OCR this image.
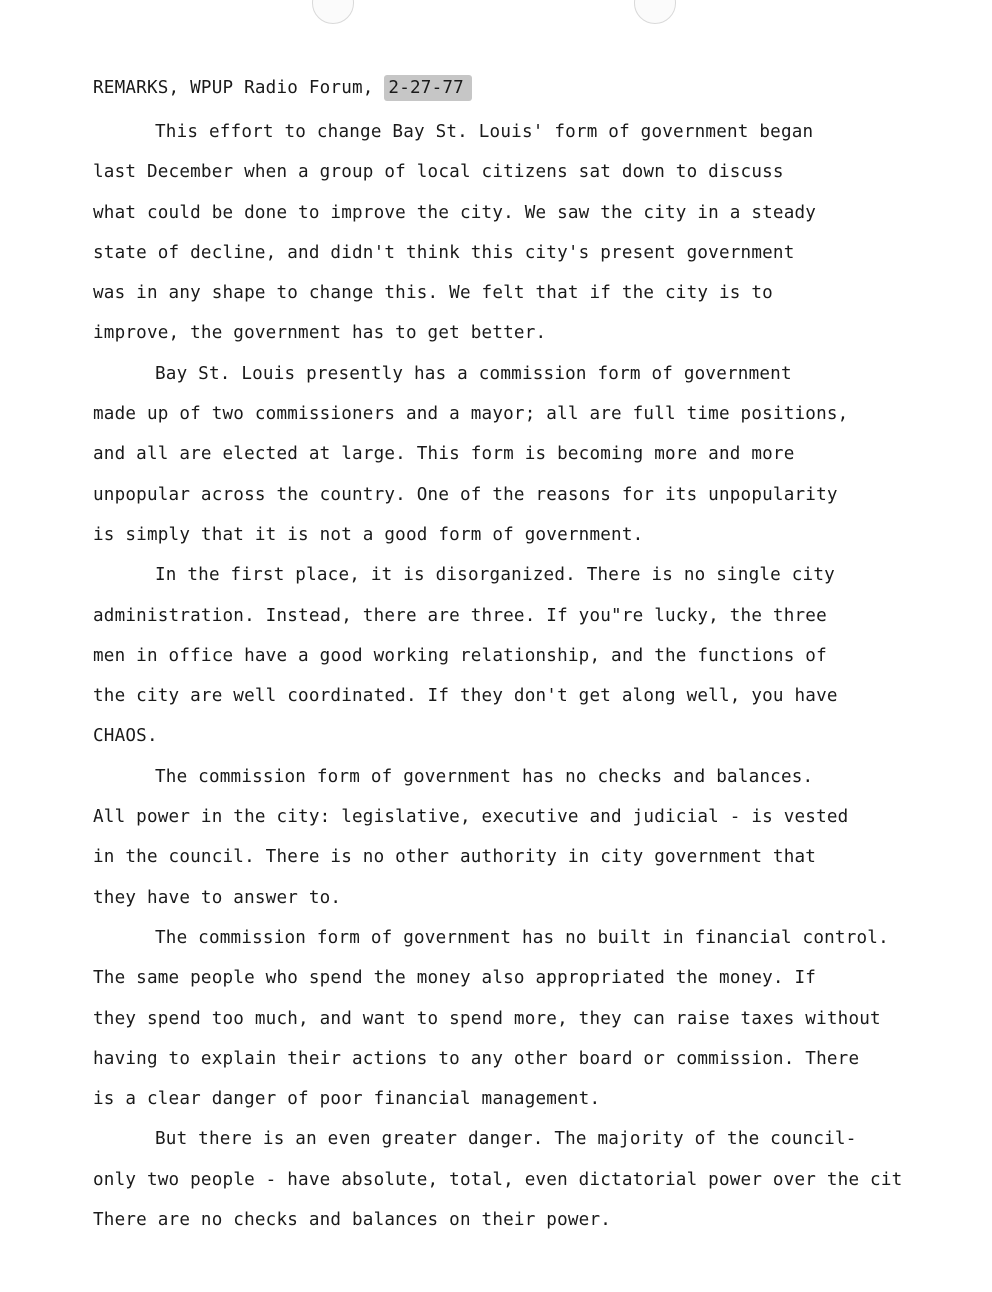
REMARKS, WPUP Radio Forum, 2-27-77
This effort to change Bay St. Louis' form of government began
last December when a group of local citizens sat down to discuss
what could be done to improve the city. We saw the city in a steady
state of decline, and didn't think this city's present government
was in any shape to change this. We felt that if the city is to
improve, the government has to get better.
Bay St. Louis presently has a commission form of government
made up of two commissioners and a mayor; all are full time positions,
and all are elected at large. This form is becoming more and more
unpopular across the country. One of the reasons for its unpopularity
is simply that it is not a good form of government.
In the first place, it is disorganized. There is no single city
administration. Instead, there are three. If you"re lucky, the three
men in office have a good working relationship, and the functions of
the city are well coordinated. If they don't get along well, you have
CHAOS.
The commission form of government has no checks and balances.
All power in the city: legislative, executive and judicial - is vested
in the council. There is no other authority in city government that
they have to answer to.
The commission form of government has no built in financial control.
The same people who spend the money also appropriated the money. If
they spend too much, and want to spend more, they can raise taxes without
having to explain their actions to any other board or commission. There
is a clear danger of poor financial management.
But there is an even greater danger. The majority of the council-
only two people - have absolute, total, even dictatorial power over the cit
There are no checks and balances on their power.
